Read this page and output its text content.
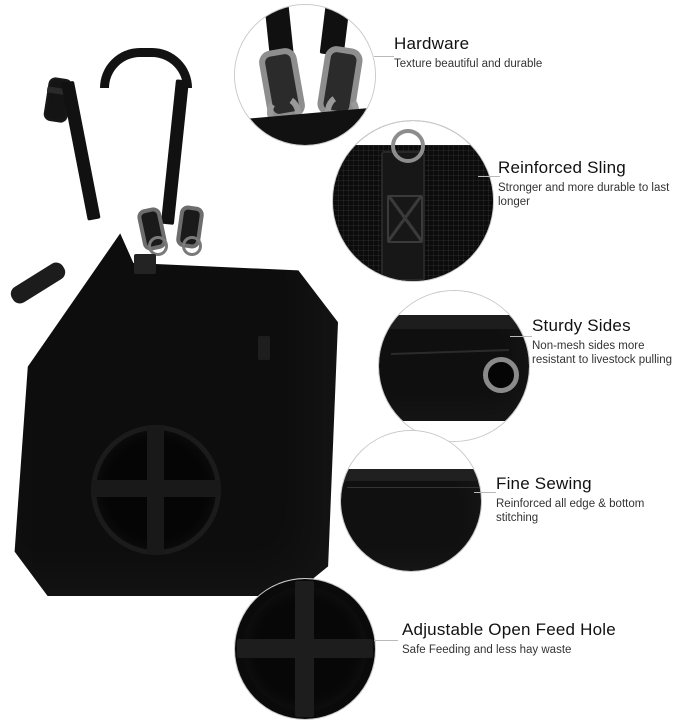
Hardware

Texture beautiful and durable

Reinforced Sling

Stronger and more durable to last longer

Sturdy Sides

Non-mesh sides more resistant to livestock pulling

Fine Sewing

Reinforced all edge & bottom stitching

Adjustable Open Feed Hole

Safe Feeding and less hay waste
